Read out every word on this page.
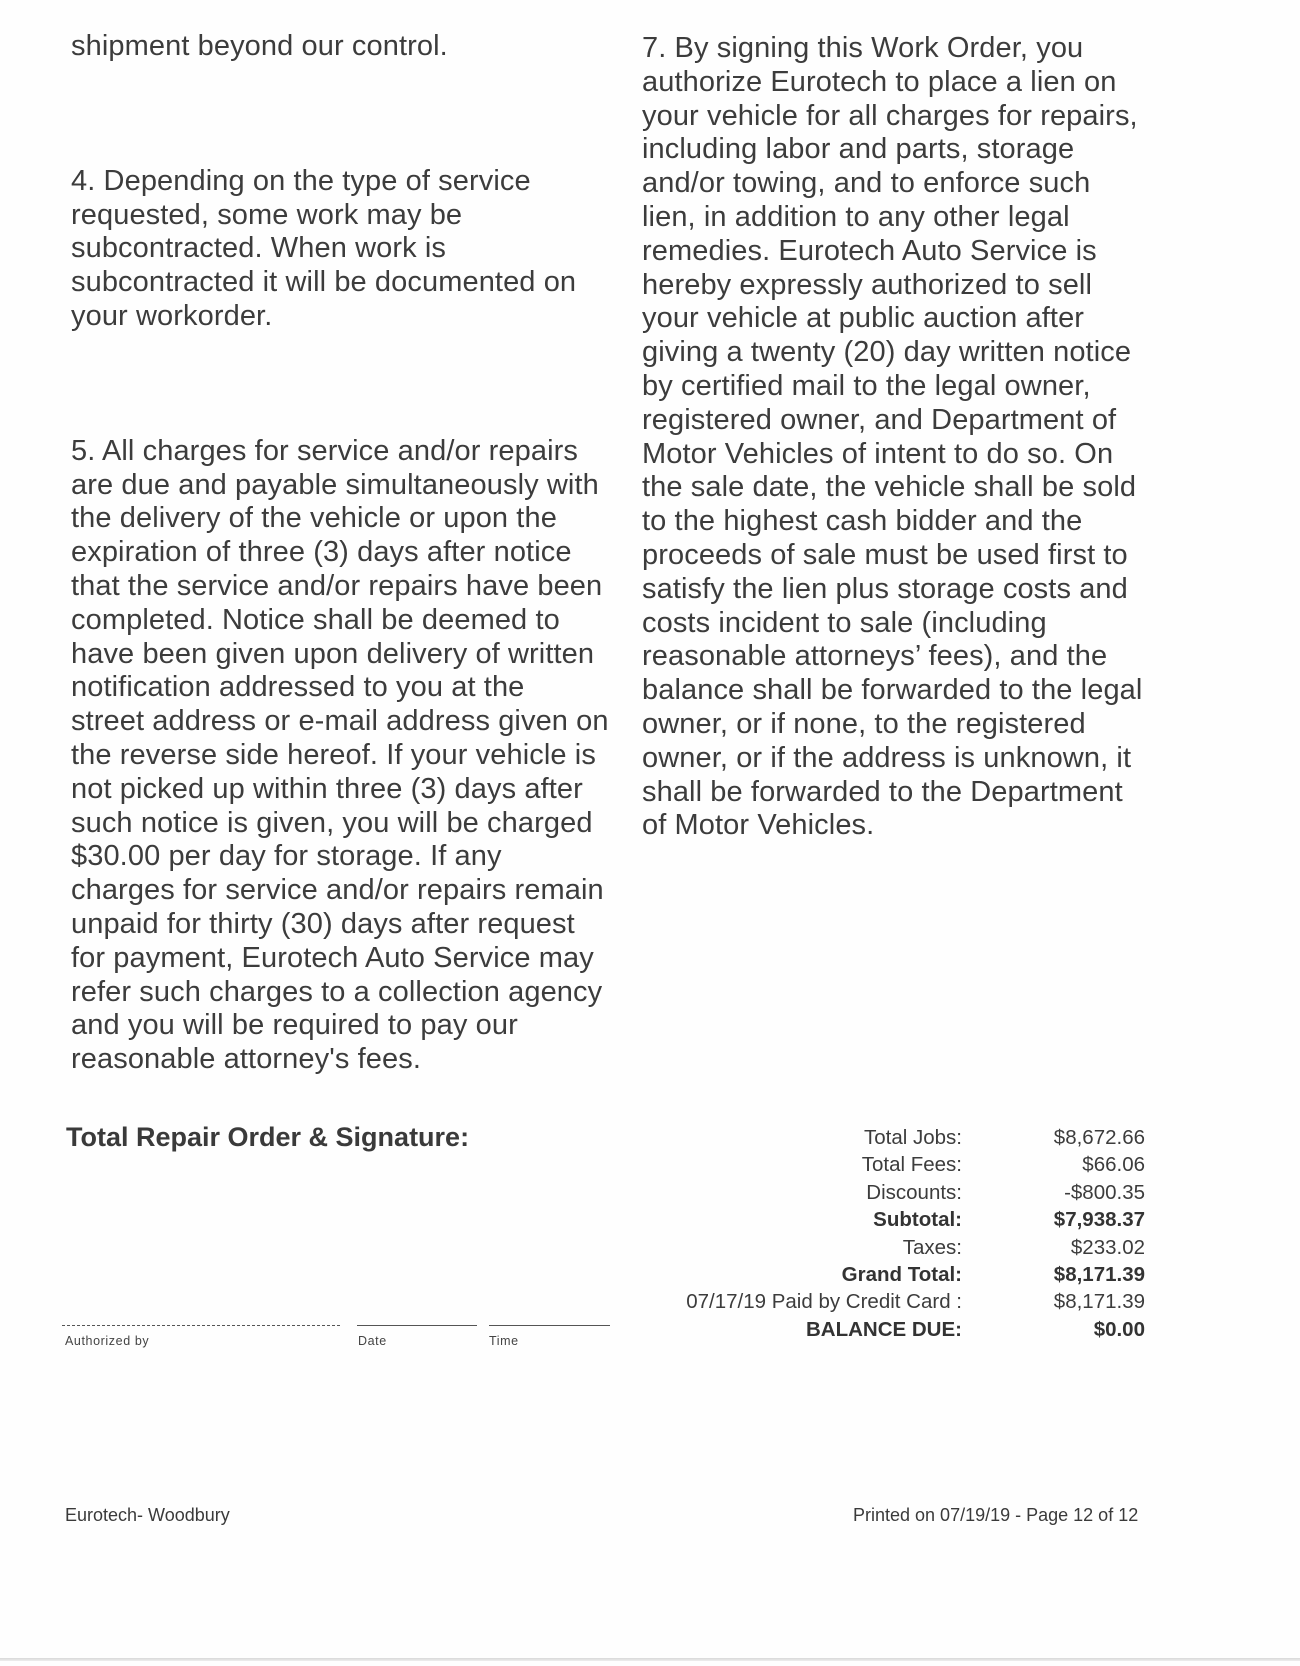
shipment beyond our control.
4. Depending on the type of service
requested, some work may be
subcontracted. When work is
subcontracted it will be documented on
your workorder.
5. All charges for service and/or repairs
are due and payable simultaneously with
the delivery of the vehicle or upon the
expiration of three (3) days after notice
that the service and/or repairs have been
completed. Notice shall be deemed to
have been given upon delivery of written
notification addressed to you at the
street address or e-mail address given on
the reverse side hereof. If your vehicle is
not picked up within three (3) days after
such notice is given, you will be charged
$30.00 per day for storage. If any
charges for service and/or repairs remain
unpaid for thirty (30) days after request
for payment, Eurotech Auto Service may
refer such charges to a collection agency
and you will be required to pay our
reasonable attorney's fees.
7. By signing this Work Order, you
authorize Eurotech to place a lien on
your vehicle for all charges for repairs,
including labor and parts, storage
and/or towing, and to enforce such
lien, in addition to any other legal
remedies. Eurotech Auto Service is
hereby expressly authorized to sell
your vehicle at public auction after
giving a twenty (20) day written notice
by certified mail to the legal owner,
registered owner, and Department of
Motor Vehicles of intent to do so. On
the sale date, the vehicle shall be sold
to the highest cash bidder and the
proceeds of sale must be used first to
satisfy the lien plus storage costs and
costs incident to sale (including
reasonable attorneys’ fees), and the
balance shall be forwarded to the legal
owner, or if none, to the registered
owner, or if the address is unknown, it
shall be forwarded to the Department
of Motor Vehicles.
Total Repair Order & Signature:	Total Jobs:	$8,672.66
Total Fees:	$66.06
Discounts:	-$800.35
Subtotal:	$7,938.37
Taxes:	$233.02
Grand Total:	$8,171.39
07/17/19 Paid by Credit Card :	$8,171.39
BALANCE DUE:	$0.00
Authorized by	Date	Time
Eurotech- Woodbury	Printed on 07/19/19 - Page 12 of 12
